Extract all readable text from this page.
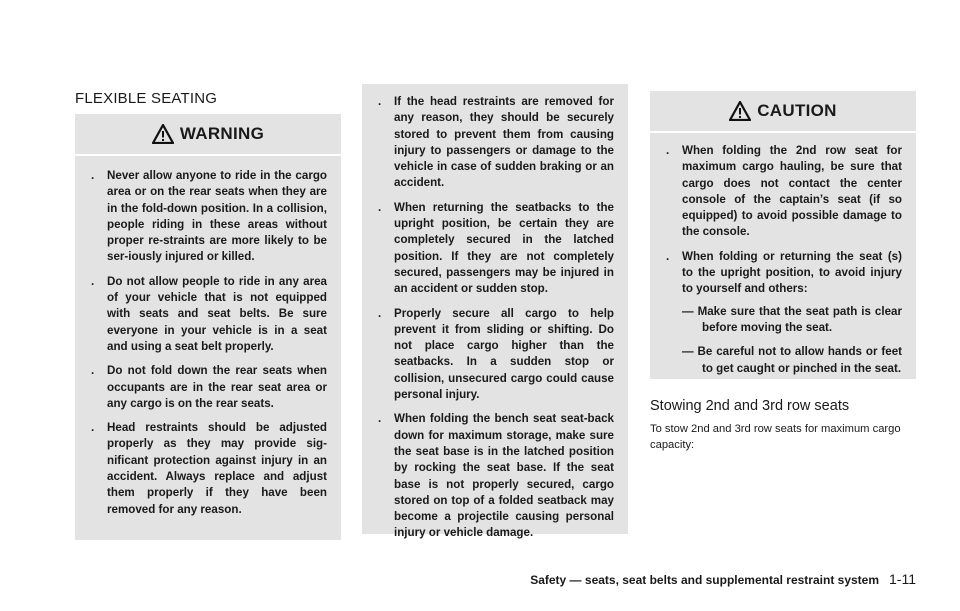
FLEXIBLE SEATING
WARNING
.	Never allow anyone to ride in the cargo area or on the rear seats when they are in the fold-down position. In a collision, people riding in these areas without proper re-straints are more likely to be ser-iously injured or killed.
.	Do not allow people to ride in any area of your vehicle that is not equipped with seats and seat belts. Be sure everyone in your vehicle is in a seat and using a seat belt properly.
.	Do not fold down the rear seats when occupants are in the rear seat area or any cargo is on the rear seats.
.	Head restraints should be adjusted properly as they may provide sig-nificant protection against injury in an accident. Always replace and adjust them properly if they have been removed for any reason.
.	If the head restraints are removed for any reason, they should be securely stored to prevent them from causing injury to passengers or damage to the vehicle in case of sudden braking or an accident.
.	When returning the seatbacks to the upright position, be certain they are completely secured in the latched position. If they are not completely secured, passengers may be injured in an accident or sudden stop.
.	Properly secure all cargo to help prevent it from sliding or shifting. Do not place cargo higher than the seatbacks. In a sudden stop or collision, unsecured cargo could cause personal injury.
.	When folding the bench seat seat-back down for maximum storage, make sure the seat base is in the latched position by rocking the seat base. If the seat base is not properly secured, cargo stored on top of a folded seatback may become a projectile causing personal injury or vehicle damage.
CAUTION
.	When folding the 2nd row seat for maximum cargo hauling, be sure that cargo does not contact the center console of the captain’s seat (if so equipped) to avoid possible damage to the console.
.	When folding or returning the seat (s) to the upright position, to avoid injury to yourself and others:
— Make sure that the seat path is clear before moving the seat.
— Be careful not to allow hands or feet to get caught or pinched in the seat.
Stowing 2nd and 3rd row seats
To stow 2nd and 3rd row seats for maximum cargo capacity:
Safety — seats, seat belts and supplemental restraint system 1-11
